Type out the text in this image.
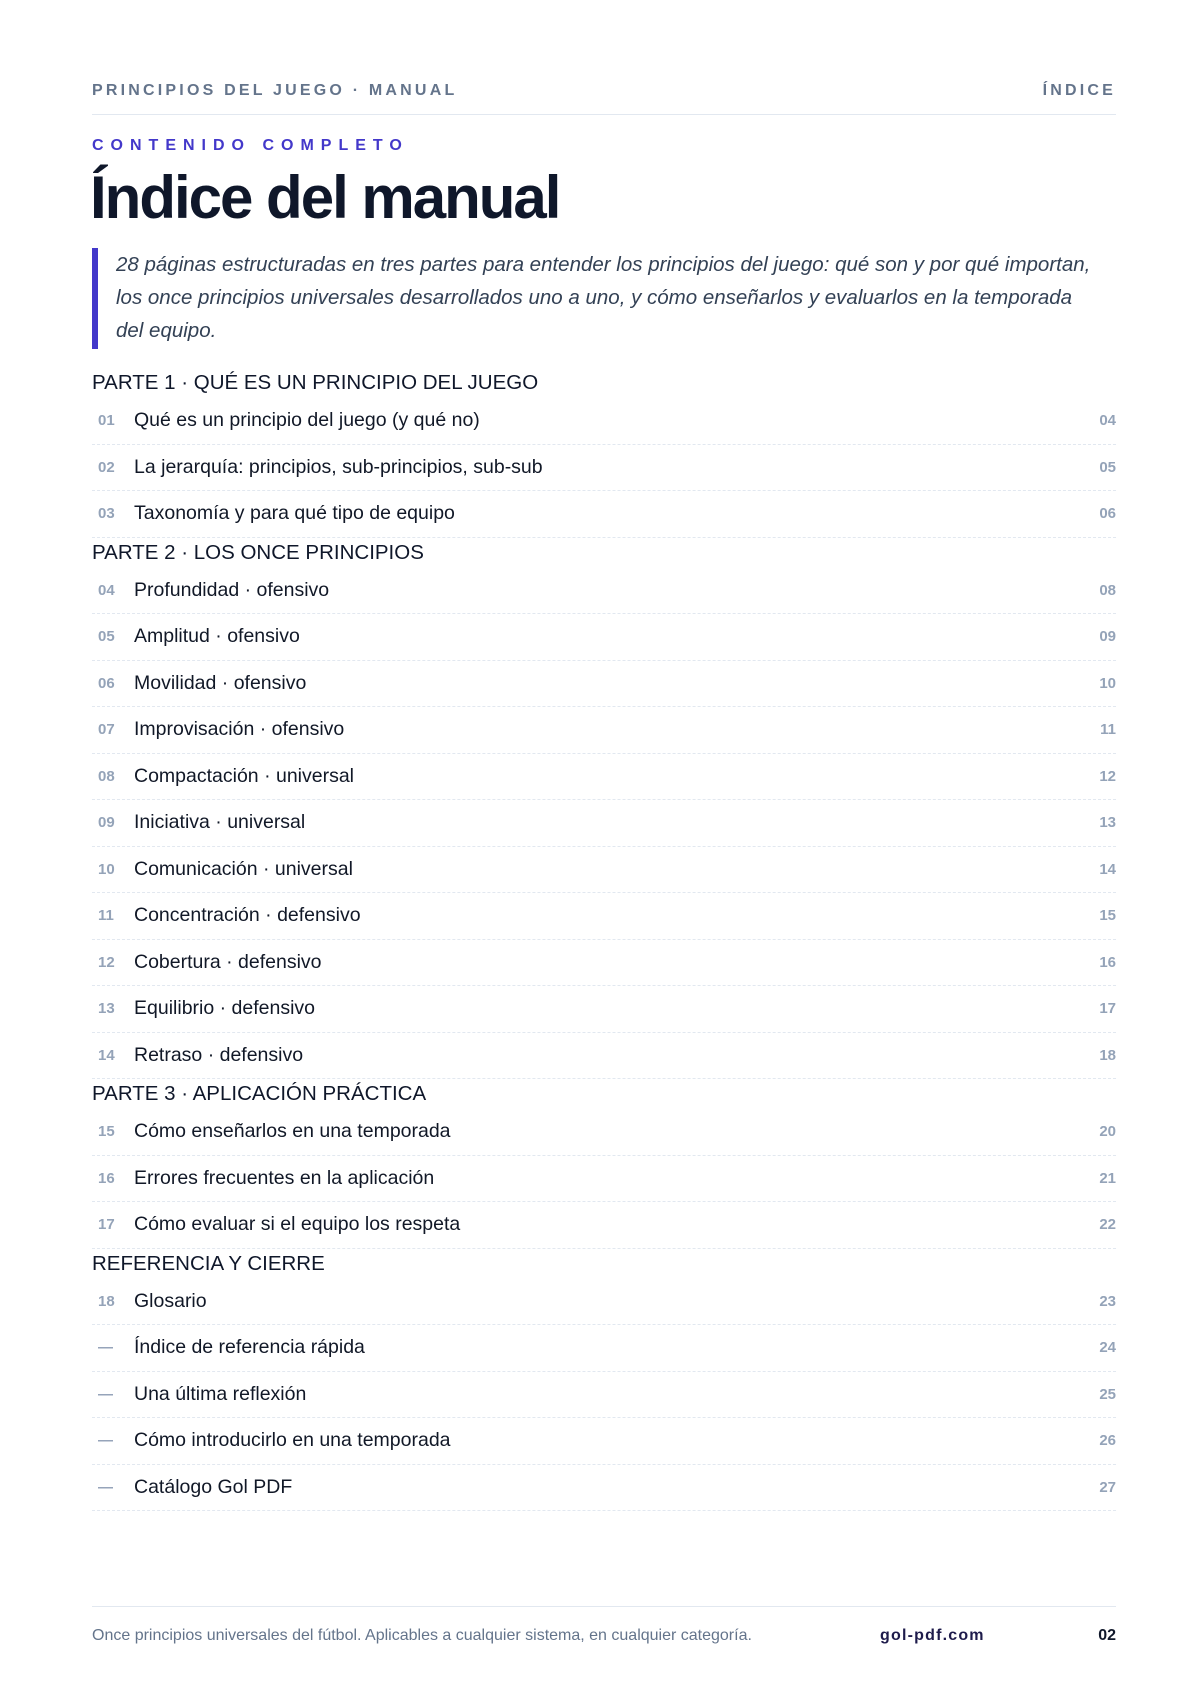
PRINCIPIOS DEL JUEGO · MANUAL	ÍNDICE
CONTENIDO COMPLETO
Índice del manual
28 páginas estructuradas en tres partes para entender los principios del juego: qué son y por qué importan, los once principios universales desarrollados uno a uno, y cómo enseñarlos y evaluarlos en la temporada del equipo.
PARTE 1 · QUÉ ES UN PRINCIPIO DEL JUEGO
01 Qué es un principio del juego (y qué no)	04
02 La jerarquía: principios, sub-principios, sub-sub	05
03 Taxonomía y para qué tipo de equipo	06
PARTE 2 · LOS ONCE PRINCIPIOS
04 Profundidad · ofensivo	08
05 Amplitud · ofensivo	09
06 Movilidad · ofensivo	10
07 Improvisación · ofensivo	11
08 Compactación · universal	12
09 Iniciativa · universal	13
10 Comunicación · universal	14
11	Concentración · defensivo	15
12 Cobertura · defensivo	16
13 Equilibrio · defensivo	17
14 Retraso · defensivo	18
PARTE 3 · APLICACIÓN PRÁCTICA
15 Cómo enseñarlos en una temporada	20
16 Errores frecuentes en la aplicación	21
17 Cómo evaluar si el equipo los respeta	22
REFERENCIA Y CIERRE
18 Glosario	23
—	Índice de referencia rápida	24
—	Una última reflexión	25
—	Cómo introducirlo en una temporada	26
—	Catálogo Gol PDF	27
Once principios universales del fútbol. Aplicables a cualquier sistema, en cualquier categoría.	gol-pdf.com	02
